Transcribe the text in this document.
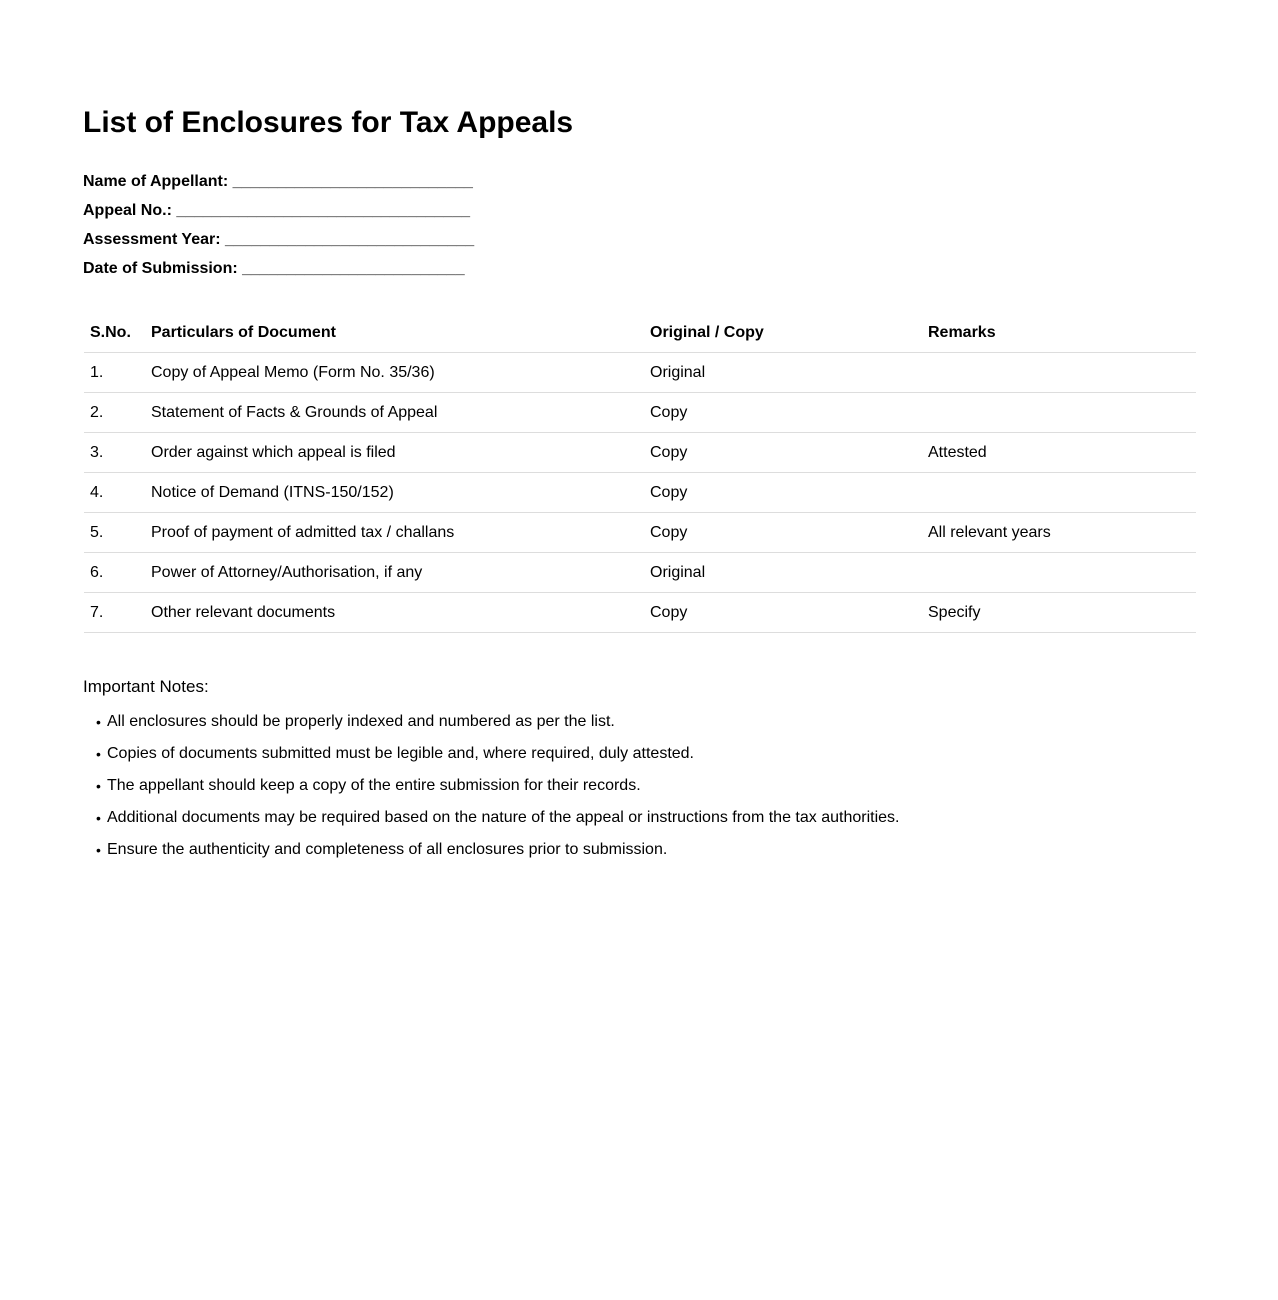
List of Enclosures for Tax Appeals
Name of Appellant: ___________________________
Appeal No.: _________________________________
Assessment Year: ____________________________
Date of Submission: _________________________
S.No.	Particulars of Document	Original / Copy	Remarks
1.	Copy of Appeal Memo (Form No. 35/36)	Original	
2.	Statement of Facts & Grounds of Appeal	Copy	
3.	Order against which appeal is filed	Copy	Attested
4.	Notice of Demand (ITNS-150/152)	Copy	
5.	Proof of payment of admitted tax / challans	Copy	All relevant years
6.	Power of Attorney/Authorisation, if any	Original	
7.	Other relevant documents	Copy	Specify

Important Notes:

• All enclosures should be properly indexed and numbered as per the list.
• Copies of documents submitted must be legible and, where required, duly attested.
• The appellant should keep a copy of the entire submission for their records.
• Additional documents may be required based on the nature of the appeal or instructions from the tax authorities.
• Ensure the authenticity and completeness of all enclosures prior to submission.
